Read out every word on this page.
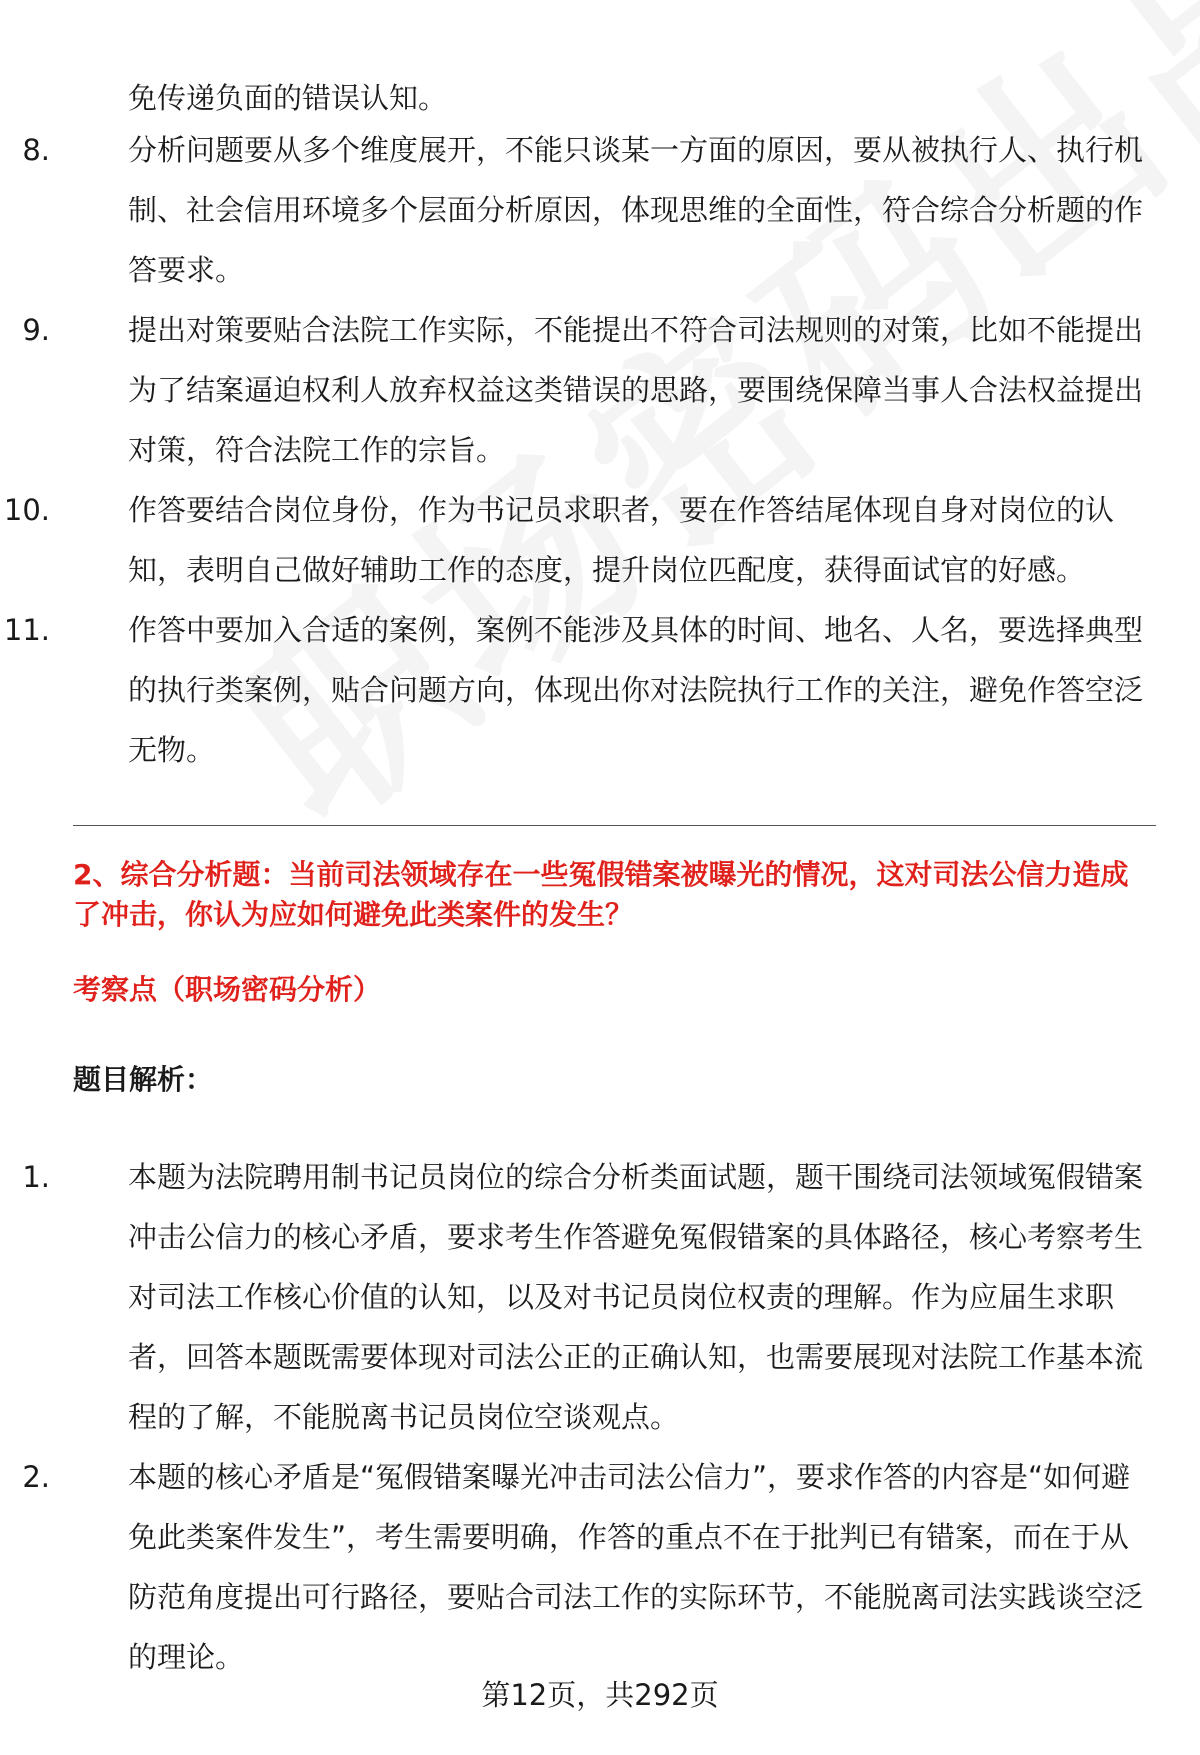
免传递负面的错误认知。
8.	分析问题要从多个维度展开，不能只谈某一方面的原因，要从被执行人、执行机制、社会信用环境多个层面分析原因，体现思维的全面性，符合综合分析题的作答要求。
9.	提出对策要贴合法院工作实际，不能提出不符合司法规则的对策，比如不能提出为了结案逼迫权利人放弃权益这类错误的思路，要围绕保障当事人合法权益提出对策，符合法院工作的宗旨。
10.	作答要结合岗位身份，作为书记员求职者，要在作答结尾体现自身对岗位的认知，表明自己做好辅助工作的态度，提升岗位匹配度，获得面试官的好感。
11.	作答中要加入合适的案例，案例不能涉及具体的时间、地名、人名，要选择典型的执行类案例，贴合问题方向，体现出你对法院执行工作的关注，避免作答空泛无物。
2、综合分析题：当前司法领域存在一些冤假错案被曝光的情况，这对司法公信力造成了冲击，你认为应如何避免此类案件的发生？
考察点（职场密码分析）
题目解析：
1.	本题为法院聘用制书记员岗位的综合分析类面试题，题干围绕司法领域冤假错案冲击公信力的核心矛盾，要求考生作答避免冤假错案的具体路径，核心考察考生对司法工作核心价值的认知，以及对书记员岗位权责的理解。作为应届生求职者，回答本题既需要体现对司法公正的正确认知，也需要展现对法院工作基本流程的了解，不能脱离书记员岗位空谈观点。
2.	本题的核心矛盾是“冤假错案曝光冲击司法公信力”，要求作答的内容是“如何避免此类案件发生”，考生需要明确，作答的重点不在于批判已有错案，而在于从防范角度提出可行路径，要贴合司法工作的实际环节，不能脱离司法实践谈空泛的理论。
第12页，共292页
